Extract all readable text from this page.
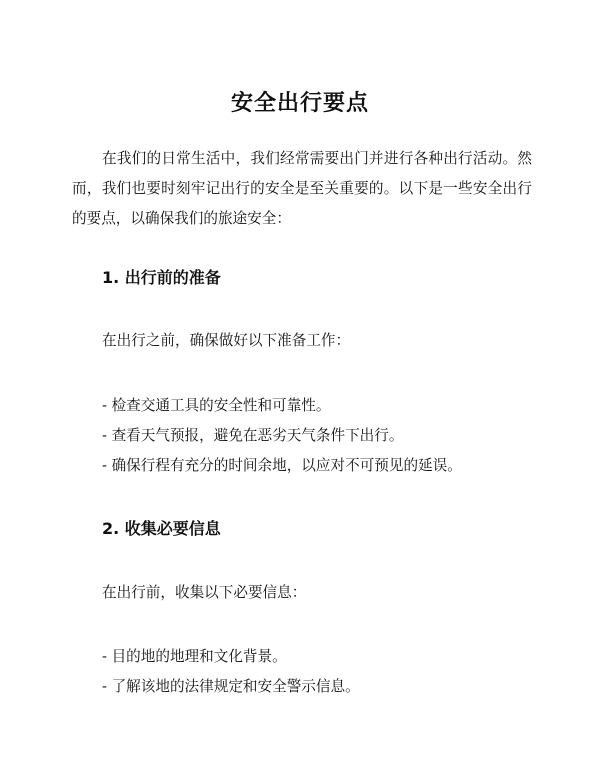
安全出行要点

在我们的日常生活中，我们经常需要出门并进行各种出行活动。然而，我们也要时刻牢记出行的安全是至关重要的。以下是一些安全出行的要点，以确保我们的旅途安全：

1. 出行前的准备

在出行之前，确保做好以下准备工作：

- 检查交通工具的安全性和可靠性。
- 查看天气预报，避免在恶劣天气条件下出行。
- 确保行程有充分的时间余地，以应对不可预见的延误。
2. 收集必要信息

在出行前，收集以下必要信息：

- 目的地的地理和文化背景。
- 了解该地的法律规定和安全警示信息。
